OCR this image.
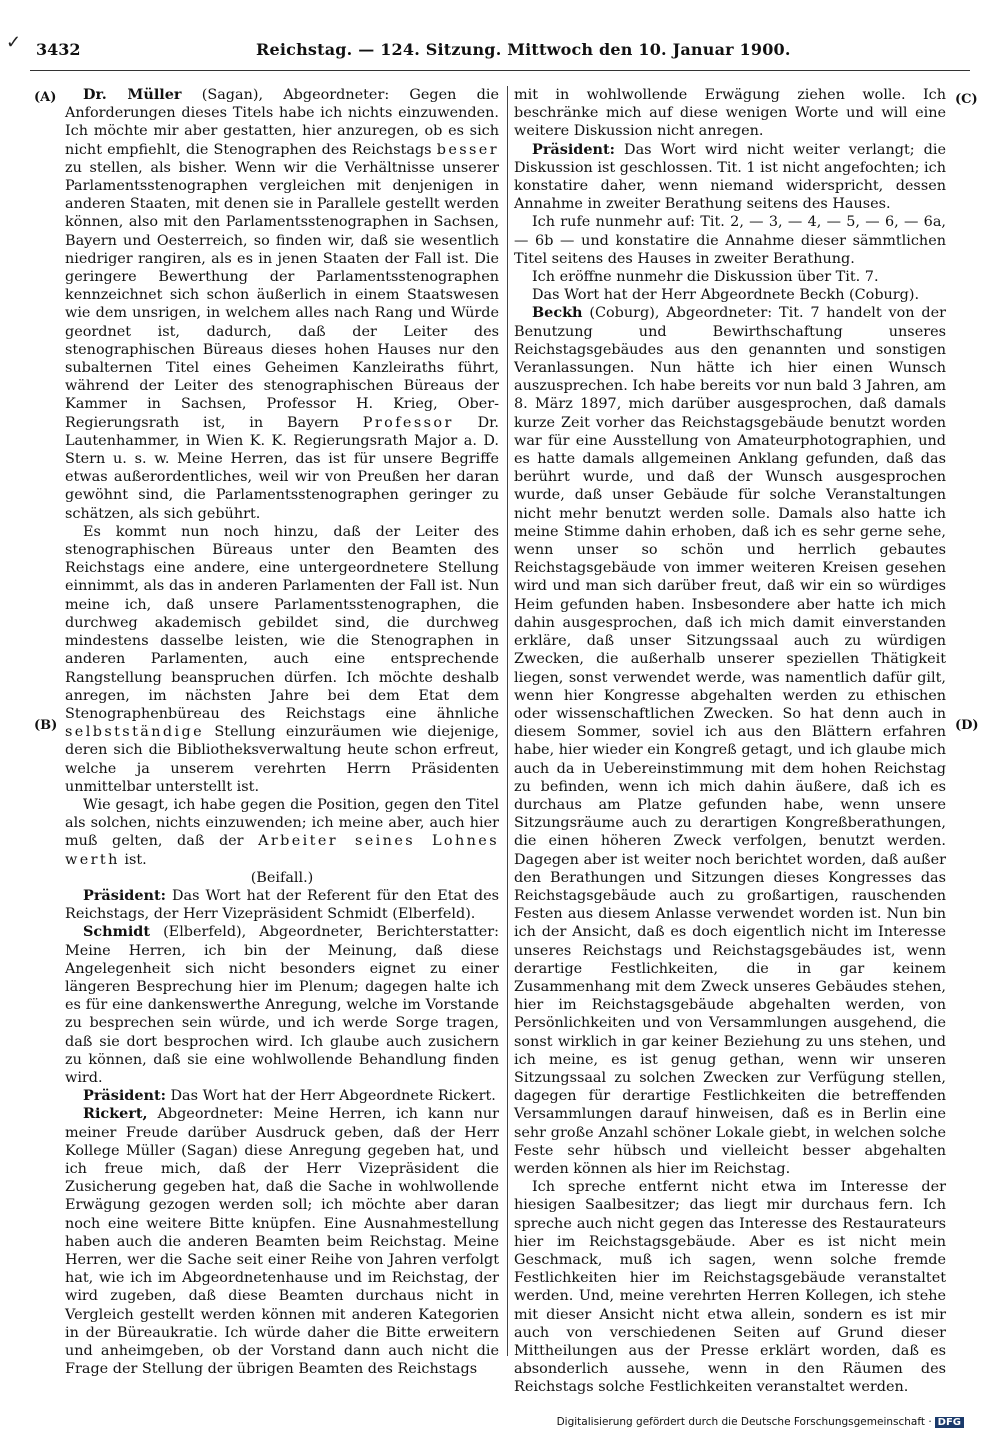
✓ 3432	Reichstag. — 124. Sitzung. Mittwoch den 10. Januar 1900.
(A)
(B)
(C)
(D)

Dr. Müller (Sagan), Abgeordneter: Gegen die Anforderungen dieses Titels habe ich nichts einzuwenden. Ich möchte mir aber gestatten, hier anzuregen, ob es sich nicht empfiehlt, die Stenographen des Reichstags besser zu stellen, als bisher. Wenn wir die Verhältnisse unserer Parlamentsstenographen vergleichen mit denjenigen in anderen Staaten, mit denen sie in Parallele gestellt werden können, also mit den Parlamentsstenographen in Sachsen, Bayern und Oesterreich, so finden wir, daß sie wesentlich niedriger rangiren, als es in jenen Staaten der Fall ist. Die geringere Bewerthung der Parlamentsstenographen kennzeichnet sich schon äußerlich in einem Staatswesen wie dem unsrigen, in welchem alles nach Rang und Würde geordnet ist, dadurch, daß der Leiter des stenographischen Büreaus dieses hohen Hauses nur den subalternen Titel eines Geheimen Kanzleiraths führt, während der Leiter des stenographischen Büreaus der Kammer in Sachsen, Professor H. Krieg, Ober-Regierungsrath ist, in Bayern Professor Dr. Lautenhammer, in Wien K. K. Regierungsrath Major a. D. Stern u. s. w. Meine Herren, das ist für unsere Begriffe etwas außerordentliches, weil wir von Preußen her daran gewöhnt sind, die Parlamentsstenographen geringer zu schätzen, als sich gebührt.

Es kommt nun noch hinzu, daß der Leiter des stenographischen Büreaus unter den Beamten des Reichstags eine andere, eine untergeordnetere Stellung einnimmt, als das in anderen Parlamenten der Fall ist. Nun meine ich, daß unsere Parlamentsstenographen, die durchweg akademisch gebildet sind, die durchweg mindestens dasselbe leisten, wie die Stenographen in anderen Parlamenten, auch eine entsprechende Rangstellung beanspruchen dürfen. Ich möchte deshalb anregen, im nächsten Jahre bei dem Etat dem Stenographenbüreau des Reichstags eine ähnliche selbstständige Stellung einzuräumen wie diejenige, deren sich die Bibliotheksverwaltung heute schon erfreut, welche ja unserem verehrten Herrn Präsidenten unmittelbar unterstellt ist.

Wie gesagt, ich habe gegen die Position, gegen den Titel als solchen, nichts einzuwenden; ich meine aber, auch hier muß gelten, daß der Arbeiter seines Lohnes werth ist.

(Beifall.)

Präsident: Das Wort hat der Referent für den Etat des Reichstags, der Herr Vizepräsident Schmidt (Elberfeld).

Schmidt (Elberfeld), Abgeordneter, Berichterstatter: Meine Herren, ich bin der Meinung, daß diese Angelegenheit sich nicht besonders eignet zu einer längeren Besprechung hier im Plenum; dagegen halte ich es für eine dankenswerthe Anregung, welche im Vorstande zu besprechen sein würde, und ich werde Sorge tragen, daß sie dort besprochen wird. Ich glaube auch zusichern zu können, daß sie eine wohlwollende Behandlung finden wird.

Präsident: Das Wort hat der Herr Abgeordnete Rickert.

Rickert, Abgeordneter: Meine Herren, ich kann nur meiner Freude darüber Ausdruck geben, daß der Herr Kollege Müller (Sagan) diese Anregung gegeben hat, und ich freue mich, daß der Herr Vizepräsident die Zusicherung gegeben hat, daß die Sache in wohlwollende Erwägung gezogen werden soll; ich möchte aber daran noch eine weitere Bitte knüpfen. Eine Ausnahmestellung haben auch die anderen Beamten beim Reichstag. Meine Herren, wer die Sache seit einer Reihe von Jahren verfolgt hat, wie ich im Abgeordnetenhause und im Reichstag, der wird zugeben, daß diese Beamten durchaus nicht in Vergleich gestellt werden können mit anderen Kategorien in der Büreaukratie. Ich würde daher die Bitte erweitern und anheimgeben, ob der Vorstand dann auch nicht die Frage der Stellung der übrigen Beamten des Reichstags

mit in wohlwollende Erwägung ziehen wolle. Ich beschränke mich auf diese wenigen Worte und will eine weitere Diskussion nicht anregen.

Präsident: Das Wort wird nicht weiter verlangt; die Diskussion ist geschlossen. Tit. 1 ist nicht angefochten; ich konstatire daher, wenn niemand widerspricht, dessen Annahme in zweiter Berathung seitens des Hauses.

Ich rufe nunmehr auf: Tit. 2, — 3, — 4, — 5, — 6, — 6a, — 6b — und konstatire die Annahme dieser sämmtlichen Titel seitens des Hauses in zweiter Berathung.

Ich eröffne nunmehr die Diskussion über Tit. 7.

Das Wort hat der Herr Abgeordnete Beckh (Coburg).

Beckh (Coburg), Abgeordneter: Tit. 7 handelt von der Benutzung und Bewirthschaftung unseres Reichstagsgebäudes aus den genannten und sonstigen Veranlassungen. Nun hätte ich hier einen Wunsch auszusprechen. Ich habe bereits vor nun bald 3 Jahren, am 8. März 1897, mich darüber ausgesprochen, daß damals kurze Zeit vorher das Reichstagsgebäude benutzt worden war für eine Ausstellung von Amateurphotographien, und es hatte damals allgemeinen Anklang gefunden, daß das berührt wurde, und daß der Wunsch ausgesprochen wurde, daß unser Gebäude für solche Veranstaltungen nicht mehr benutzt werden solle. Damals also hatte ich meine Stimme dahin erhoben, daß ich es sehr gerne sehe, wenn unser so schön und herrlich gebautes Reichstagsgebäude von immer weiteren Kreisen gesehen wird und man sich darüber freut, daß wir ein so würdiges Heim gefunden haben. Insbesondere aber hatte ich mich dahin ausgesprochen, daß ich mich damit einverstanden erkläre, daß unser Sitzungssaal auch zu würdigen Zwecken, die außerhalb unserer speziellen Thätigkeit liegen, sonst verwendet werde, was namentlich dafür gilt, wenn hier Kongresse abgehalten werden zu ethischen oder wissenschaftlichen Zwecken. So hat denn auch in diesem Sommer, soviel ich aus den Blättern erfahren habe, hier wieder ein Kongreß getagt, und ich glaube mich auch da in Uebereinstimmung mit dem hohen Reichstag zu befinden, wenn ich mich dahin äußere, daß ich es durchaus am Platze gefunden habe, wenn unsere Sitzungsräume auch zu derartigen Kongreßberathungen, die einen höheren Zweck verfolgen, benutzt werden. Dagegen aber ist weiter noch berichtet worden, daß außer den Berathungen und Sitzungen dieses Kongresses das Reichstagsgebäude auch zu großartigen, rauschenden Festen aus diesem Anlasse verwendet worden ist. Nun bin ich der Ansicht, daß es doch eigentlich nicht im Interesse unseres Reichstags und Reichstagsgebäudes ist, wenn derartige Festlichkeiten, die in gar keinem Zusammenhang mit dem Zweck unseres Gebäudes stehen, hier im Reichstagsgebäude abgehalten werden, von Persönlichkeiten und von Versammlungen ausgehend, die sonst wirklich in gar keiner Beziehung zu uns stehen, und ich meine, es ist genug gethan, wenn wir unseren Sitzungssaal zu solchen Zwecken zur Verfügung stellen, dagegen für derartige Festlichkeiten die betreffenden Versammlungen darauf hinweisen, daß es in Berlin eine sehr große Anzahl schöner Lokale giebt, in welchen solche Feste sehr hübsch und vielleicht besser abgehalten werden können als hier im Reichstag.

Ich spreche entfernt nicht etwa im Interesse der hiesigen Saalbesitzer; das liegt mir durchaus fern. Ich spreche auch nicht gegen das Interesse des Restaurateurs hier im Reichstagsgebäude. Aber es ist nicht mein Geschmack, muß ich sagen, wenn solche fremde Festlichkeiten hier im Reichstagsgebäude veranstaltet werden. Und, meine verehrten Herren Kollegen, ich stehe mit dieser Ansicht nicht etwa allein, sondern es ist mir auch von verschiedenen Seiten auf Grund dieser Mittheilungen aus der Presse erklärt worden, daß es absonderlich aussehe, wenn in den Räumen des Reichstags solche Festlichkeiten veranstaltet werden.

Digitalisierung gefördert durch die Deutsche Forschungsgemeinschaft · DFG
